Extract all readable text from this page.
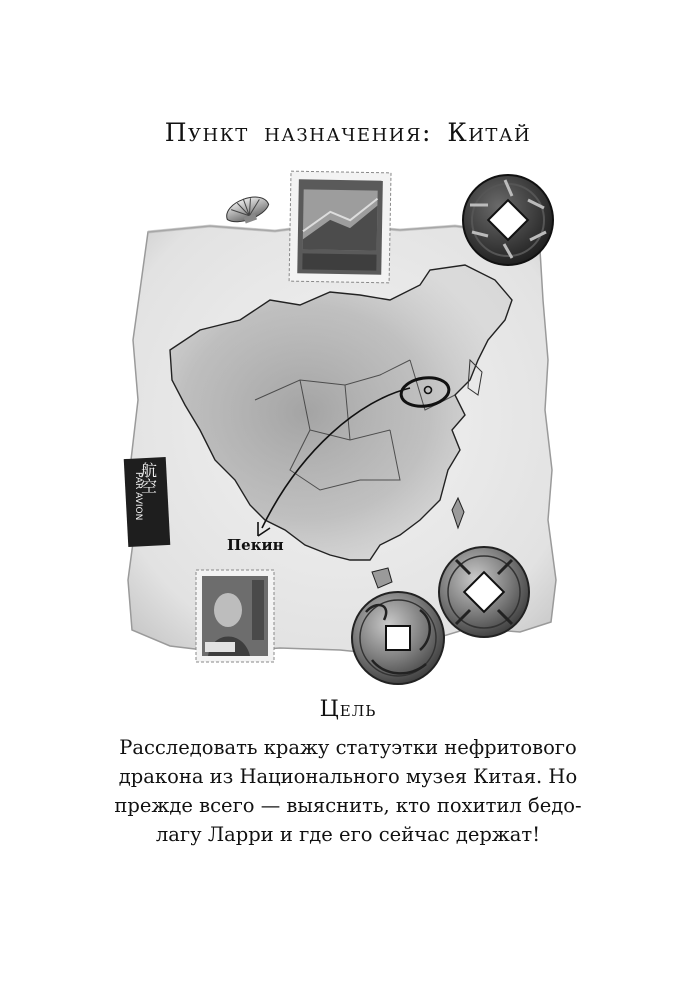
Пункт назначения: Китай
航空
PAR AVION
Пекин
Цель
Расследовать кражу статуэтки нефритового
дракона из Национального музея Китая. Но
прежде всего — выяснить, кто похитил бедо-
лагу Ларри и где его сейчас держат!
